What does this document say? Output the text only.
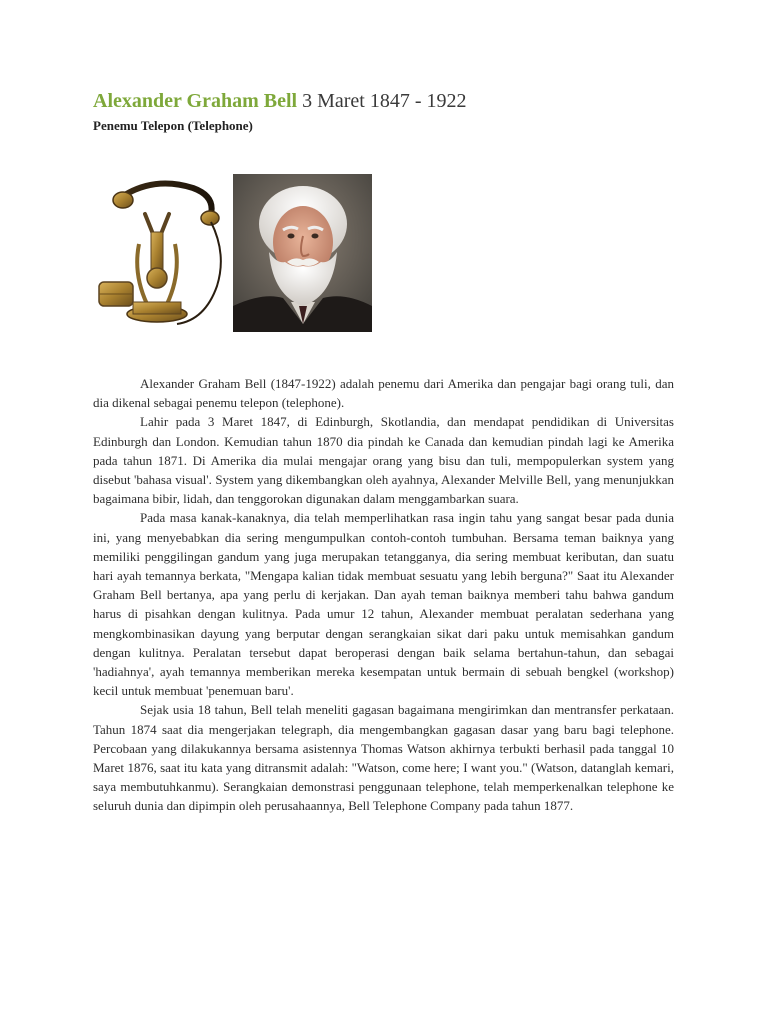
Alexander Graham Bell 3 Maret 1847 - 1922
Penemu Telepon (Telephone)

Alexander Graham Bell (1847-1922) adalah penemu dari Amerika dan pengajar bagi orang tuli, dan dia dikenal sebagai penemu telepon (telephone).

Lahir pada 3 Maret 1847, di Edinburgh, Skotlandia, dan mendapat pendidikan di Universitas Edinburgh dan London. Kemudian tahun 1870 dia pindah ke Canada dan kemudian pindah lagi ke Amerika pada tahun 1871. Di Amerika dia mulai mengajar orang yang bisu dan tuli, mempopulerkan system yang disebut 'bahasa visual'. System yang dikembangkan oleh ayahnya, Alexander Melville Bell, yang menunjukkan bagaimana bibir, lidah, dan tenggorokan digunakan dalam menggambarkan suara.

Pada masa kanak-kanaknya, dia telah memperlihatkan rasa ingin tahu yang sangat besar pada dunia ini, yang menyebabkan dia sering mengumpulkan contoh-contoh tumbuhan. Bersama teman baiknya yang memiliki penggilingan gandum yang juga merupakan tetangganya, dia sering membuat keributan, dan suatu hari ayah temannya berkata, "Mengapa kalian tidak membuat sesuatu yang lebih berguna?" Saat itu Alexander Graham Bell bertanya, apa yang perlu di kerjakan. Dan ayah teman baiknya memberi tahu bahwa gandum harus di pisahkan dengan kulitnya. Pada umur 12 tahun, Alexander membuat peralatan sederhana yang mengkombinasikan dayung yang berputar dengan serangkaian sikat dari paku untuk memisahkan gandum dengan kulitnya. Peralatan tersebut dapat beroperasi dengan baik selama bertahun-tahun, dan sebagai 'hadiahnya', ayah temannya memberikan mereka kesempatan untuk bermain di sebuah bengkel (workshop) kecil untuk membuat 'penemuan baru'.

Sejak usia 18 tahun, Bell telah meneliti gagasan bagaimana mengirimkan dan mentransfer perkataan. Tahun 1874 saat dia mengerjakan telegraph, dia mengembangkan gagasan dasar yang baru bagi telephone. Percobaan yang dilakukannya bersama asistennya Thomas Watson akhirnya terbukti berhasil pada tanggal 10 Maret 1876, saat itu kata yang ditransmit adalah: "Watson, come here; I want you." (Watson, datanglah kemari, saya membutuhkanmu). Serangkaian demonstrasi penggunaan telephone, telah memperkenalkan telephone ke seluruh dunia dan dipimpin oleh perusahaannya, Bell Telephone Company pada tahun 1877.
